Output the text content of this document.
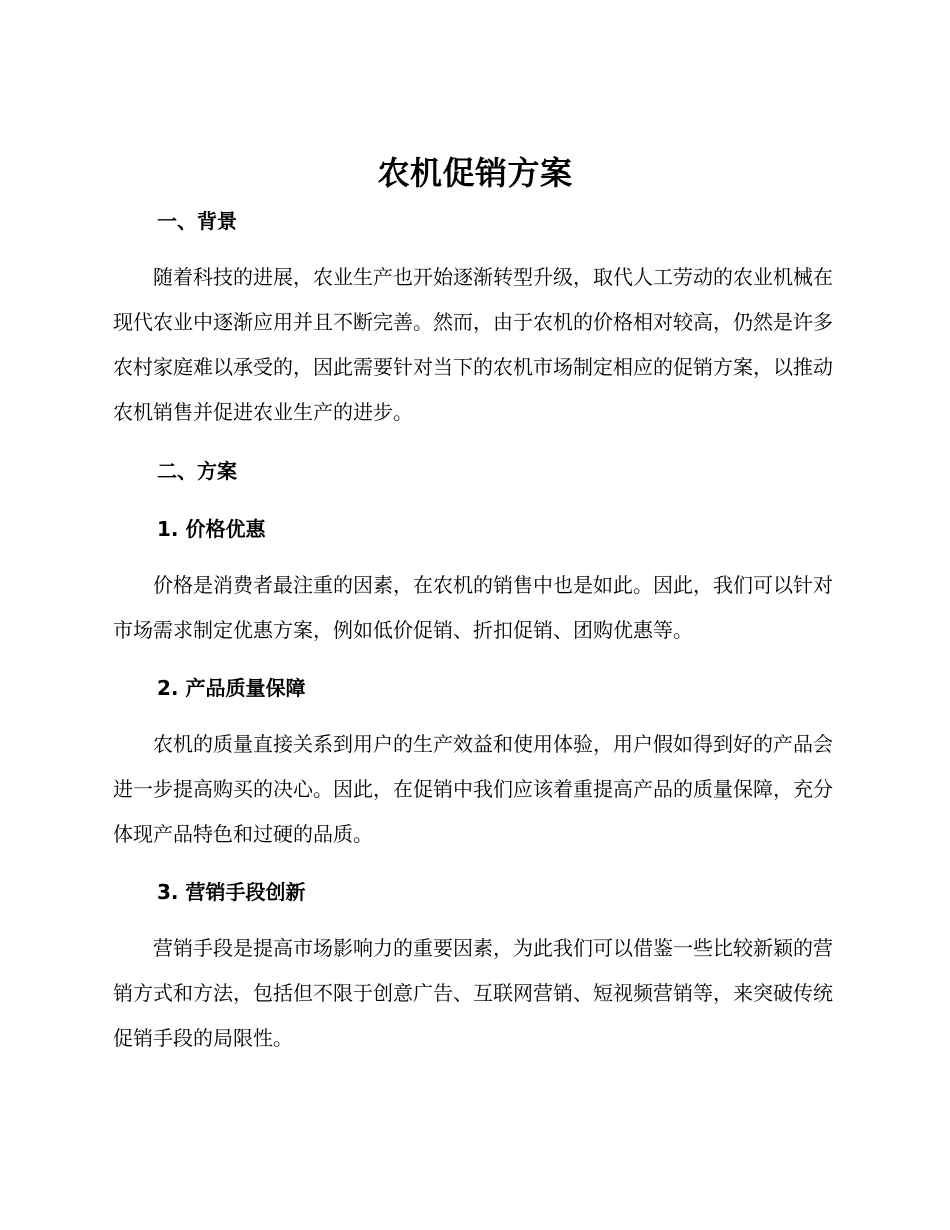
农机促销方案
一、背景

随着科技的进展，农业生产也开始逐渐转型升级，取代人工劳动的农业机械在现代农业中逐渐应用并且不断完善。然而，由于农机的价格相对较高，仍然是许多农村家庭难以承受的，因此需要针对当下的农机市场制定相应的促销方案，以推动农机销售并促进农业生产的进步。

二、方案
1. 价格优惠

价格是消费者最注重的因素，在农机的销售中也是如此。因此，我们可以针对市场需求制定优惠方案，例如低价促销、折扣促销、团购优惠等。

2. 产品质量保障

农机的质量直接关系到用户的生产效益和使用体验，用户假如得到好的产品会进一步提高购买的决心。因此，在促销中我们应该着重提高产品的质量保障，充分体现产品特色和过硬的品质。

3. 营销手段创新

营销手段是提高市场影响力的重要因素，为此我们可以借鉴一些比较新颖的营销方式和方法，包括但不限于创意广告、互联网营销、短视频营销等，来突破传统促销手段的局限性。
